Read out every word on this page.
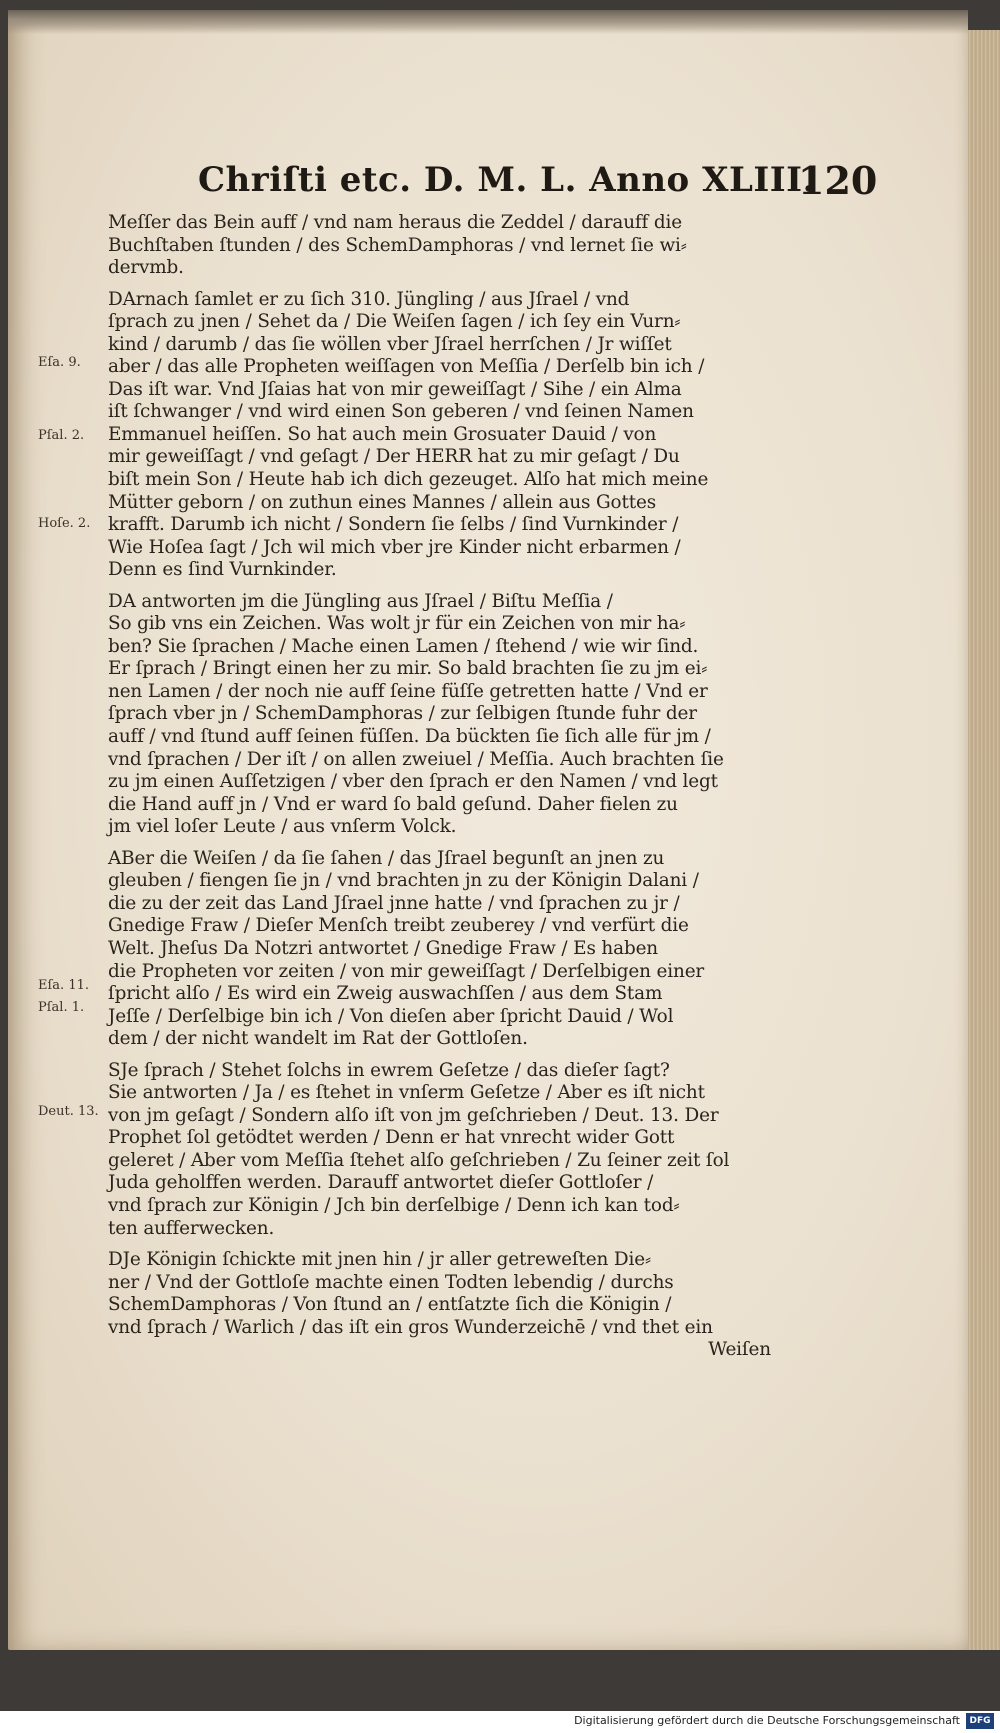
Eſa. 9.
Pſal. 2.
Hoſe. 2.
Eſa. 11.
Pſal. 1.
Deut. 13.
Chriſti etc. D. M. L. Anno XLIII.
120
Meſſer das Bein auff / vnd nam heraus die Zeddel / darauff die
Buchſtaben ſtunden / des SchemDamphoras / vnd lernet ſie wi⸗
dervmb.
DArnach ſamlet er zu ſich 310. Jüngling / aus Jſrael / vnd
ſprach zu jnen / Sehet da / Die Weiſen ſagen / ich ſey ein Vurn⸗
kind / darumb / das ſie wöllen vber Jſrael herrſchen / Jr wiſſet
aber / das alle Propheten weiſſagen von Meſſia / Derſelb bin ich /
Das iſt war. Vnd Jſaias hat von mir geweiſſagt / Sihe / ein Alma
iſt ſchwanger / vnd wird einen Son geberen / vnd ſeinen Namen
Emmanuel heiſſen. So hat auch mein Grosuater Dauid / von
mir geweiſſagt / vnd geſagt / Der HERR hat zu mir geſagt / Du
biſt mein Son / Heute hab ich dich gezeuget. Alſo hat mich meine
Mütter geborn / on zuthun eines Mannes / allein aus Gottes
krafft. Darumb ich nicht / Sondern ſie ſelbs / ſind Vurnkinder /
Wie Hoſea ſagt / Jch wil mich vber jre Kinder nicht erbarmen /
Denn es ſind Vurnkinder.
DA antworten jm die Jüngling aus Jſrael / Biſtu Meſſia /
So gib vns ein Zeichen. Was wolt jr für ein Zeichen von mir ha⸗
ben? Sie ſprachen / Mache einen Lamen / ſtehend / wie wir ſind.
Er ſprach / Bringt einen her zu mir. So bald brachten ſie zu jm ei⸗
nen Lamen / der noch nie auff ſeine füſſe getretten hatte / Vnd er
ſprach vber jn / SchemDamphoras / zur ſelbigen ſtunde fuhr der
auff / vnd ſtund auff ſeinen füſſen. Da bückten ſie ſich alle für jm /
vnd ſprachen / Der iſt / on allen zweiuel / Meſſia. Auch brachten ſie
zu jm einen Auſſetzigen / vber den ſprach er den Namen / vnd legt
die Hand auff jn / Vnd er ward ſo bald geſund. Daher fielen zu
jm viel loſer Leute / aus vnſerm Volck.
ABer die Weiſen / da ſie ſahen / das Jſrael begunſt an jnen zu
gleuben / fiengen ſie jn / vnd brachten jn zu der Königin Dalani /
die zu der zeit das Land Jſrael jnne hatte / vnd ſprachen zu jr /
Gnedige Fraw / Dieſer Menſch treibt zeuberey / vnd verfürt die
Welt. Jheſus Da Notzri antwortet / Gnedige Fraw / Es haben
die Propheten vor zeiten / von mir geweiſſagt / Derſelbigen einer
ſpricht alſo / Es wird ein Zweig auswachſſen / aus dem Stam
Jeſſe / Derſelbige bin ich / Von dieſen aber ſpricht Dauid / Wol
dem / der nicht wandelt im Rat der Gottloſen.
SJe ſprach / Stehet ſolchs in ewrem Geſetze / das dieſer ſagt?
Sie antworten / Ja / es ſtehet in vnſerm Geſetze / Aber es iſt nicht
von jm geſagt / Sondern alſo iſt von jm geſchrieben / Deut. 13. Der
Prophet ſol getödtet werden / Denn er hat vnrecht wider Gott
geleret / Aber vom Meſſia ſtehet alſo geſchrieben / Zu ſeiner zeit ſol
Juda geholffen werden. Darauff antwortet dieſer Gottloſer /
vnd ſprach zur Königin / Jch bin derſelbige / Denn ich kan tod⸗
ten aufferwecken.
DJe Königin ſchickte mit jnen hin / jr aller getreweſten Die⸗
ner / Vnd der Gottloſe machte einen Todten lebendig / durchs
SchemDamphoras / Von ſtund an / entſatzte ſich die Königin /
vnd ſprach / Warlich / das iſt ein gros Wunderzeichē / vnd thet ein
Weiſen
Digitalisierung gefördert durch die Deutsche Forschungsgemeinschaft	DFG
